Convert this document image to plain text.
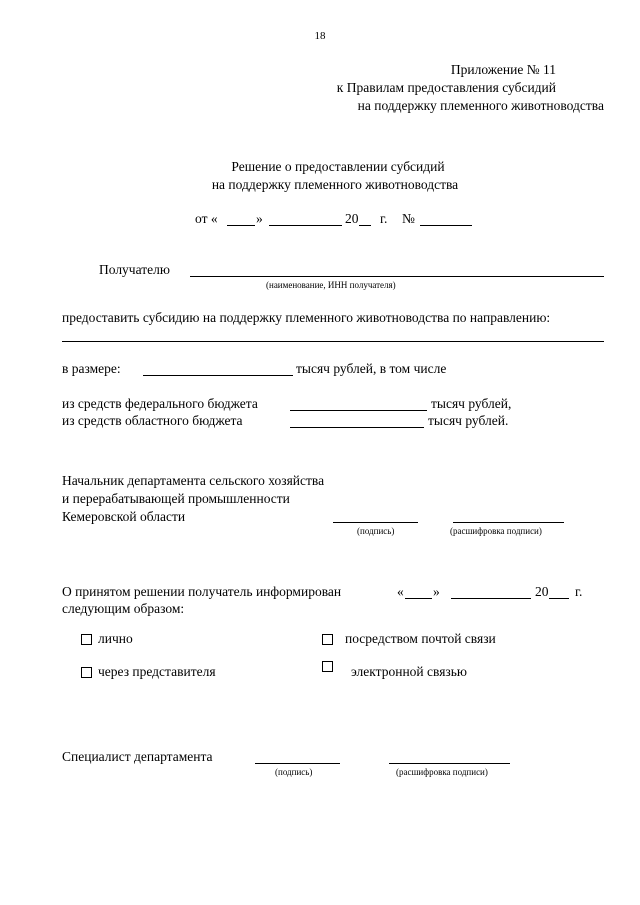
18
Приложение № 11
к Правилам предоставления субсидий
на поддержку племенного животноводства
Решение о предоставлении субсидий
на поддержку племенного животноводства
от «	»	20 г. №
Получателю
(наименование, ИНН получателя)
предоставить субсидию на поддержку племенного животноводства по направлению:
в размере:	тысяч рублей, в том числе
из средств федерального бюджета	тысяч рублей,
из средств областного бюджета	тысяч рублей.
Начальник департамента сельского хозяйства
и перерабатывающей промышленности
Кемеровской области
(подпись)	(расшифровка подписи)
О принятом решении получатель информирован	« »	20 г.
следующим образом:
лично	посредством почтой связи
через представителя	электронной связью
Специалист департамента
(подпись)	(расшифровка подписи)
